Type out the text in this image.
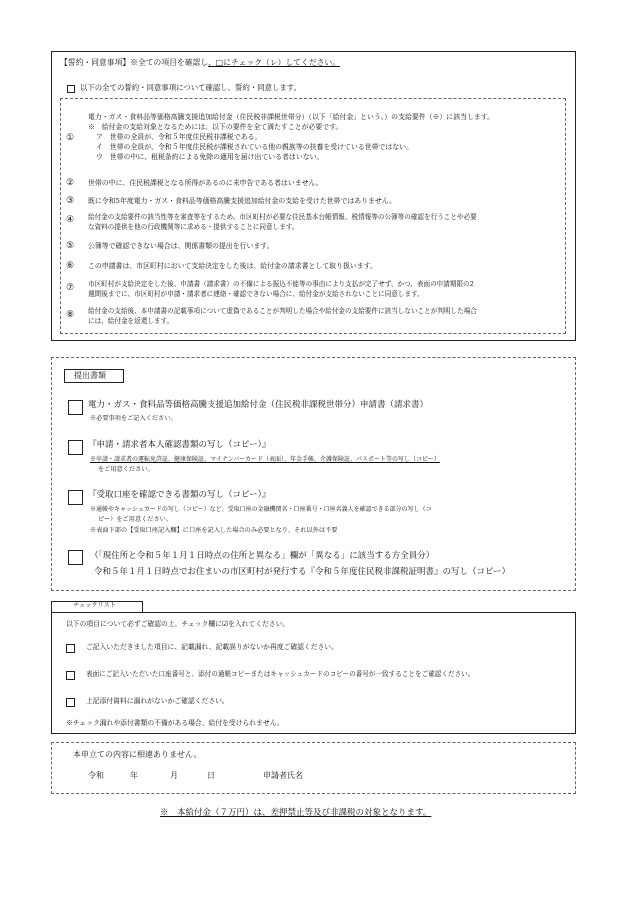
【誓約・同意事項】※全ての項目を確認し、□にチェック（レ）してください。
以下の全ての誓約・同意事項について確認し、誓約・同意します。
①
電力・ガス・食料品等価格高騰支援追加給付金（住民税非課税世帯分）（以下「給付金」という。）の支給要件（※）に該当します。
※　給付金の支給対象となるためには、以下の要件を全て満たすことが必要です。
ア　世帯の全員が、令和５年度住民税非課税である。
イ　世帯の全員が、令和５年度住民税が課税されている他の親族等の扶養を受けている世帯ではない。
ウ　世帯の中に、租税条約による免除の適用を届け出ている者はいない。
② 世帯の中に、住民税課税となる所得があるのに未申告である者はいません。
③ 既に令和5年度電力・ガス・食料品等価格高騰支援追加給付金の支給を受けた世帯ではありません。
④ 給付金の支給要件の該当性等を審査等をするため、市区町村が必要な住民基本台帳情報、税情報等の公簿等の確認を行うことや必要
な資料の提供を他の行政機関等に求める・提供することに同意します。
⑤ 公簿等で確認できない場合は、関係書類の提出を行います。
⑥ この申請書は、市区町村において支給決定をした後は、給付金の請求書として取り扱います。
⑦ 市区町村が支給決定をした後、申請書（請求書）の不備による振込不能等の事由により支払が完了せず、かつ、表面の申請期限の2
週間後までに、市区町村が申請・請求者に連絡・確認できない場合に、給付金が支給されないことに同意します。
⑧ 給付金の支給後、本申請書の記載事項について虚偽であることが判明した場合や給付金の支給要件に該当しないことが判明した場合
には、給付金を返還します。
提出書類
電力・ガス・食料品等価格高騰支援追加給付金（住民税非課税世帯分）申請書（請求書）
※必要事項をご記入ください。
『申請・請求者本人確認書類の写し（コピー）』
※申請・請求者の運転免許証、健康保険証、マイナンバーカード（表面）、年金手帳、介護保険証、パスポート等の写し（コピー）
をご用意ください。
『受取口座を確認できる書類の写し（コピー）』
※通帳やキャッシュカードの写し（コピー）など、受取口座の金融機関名・口座番号・口座名義人を確認できる部分の写し（コ
ピー）をご用意ください。
※表面下部の【受取口座記入欄】に口座を記入した場合のみ必要となり、それ以外は不要
（「現住所と令和５年１月１日時点の住所と異なる」欄が「異なる」に該当する方全員分）
令和５年１月１日時点でお住まいの市区町村が発行する『令和５年度住民税非課税証明書』の写し（コピー）
チェックリスト
以下の項目について必ずご確認の上、チェック欄に☑を入れてください。
ご記入いただきました項目に、記載漏れ、記載誤りがないか再度ご確認ください。
表面にご記入いただいた口座番号と、添付の通帳コピーまたはキャッシュカードのコピーの番号が一致することをご確認ください。
上記添付資料に漏れがないかご確認ください。
※チェック漏れや添付書類の不備がある場合、給付を受けられません。
本申立ての内容に相違ありません。
令和	年	月	日	申請者氏名
※　本給付金（７万円）は、差押禁止等及び非課税の対象となります。
